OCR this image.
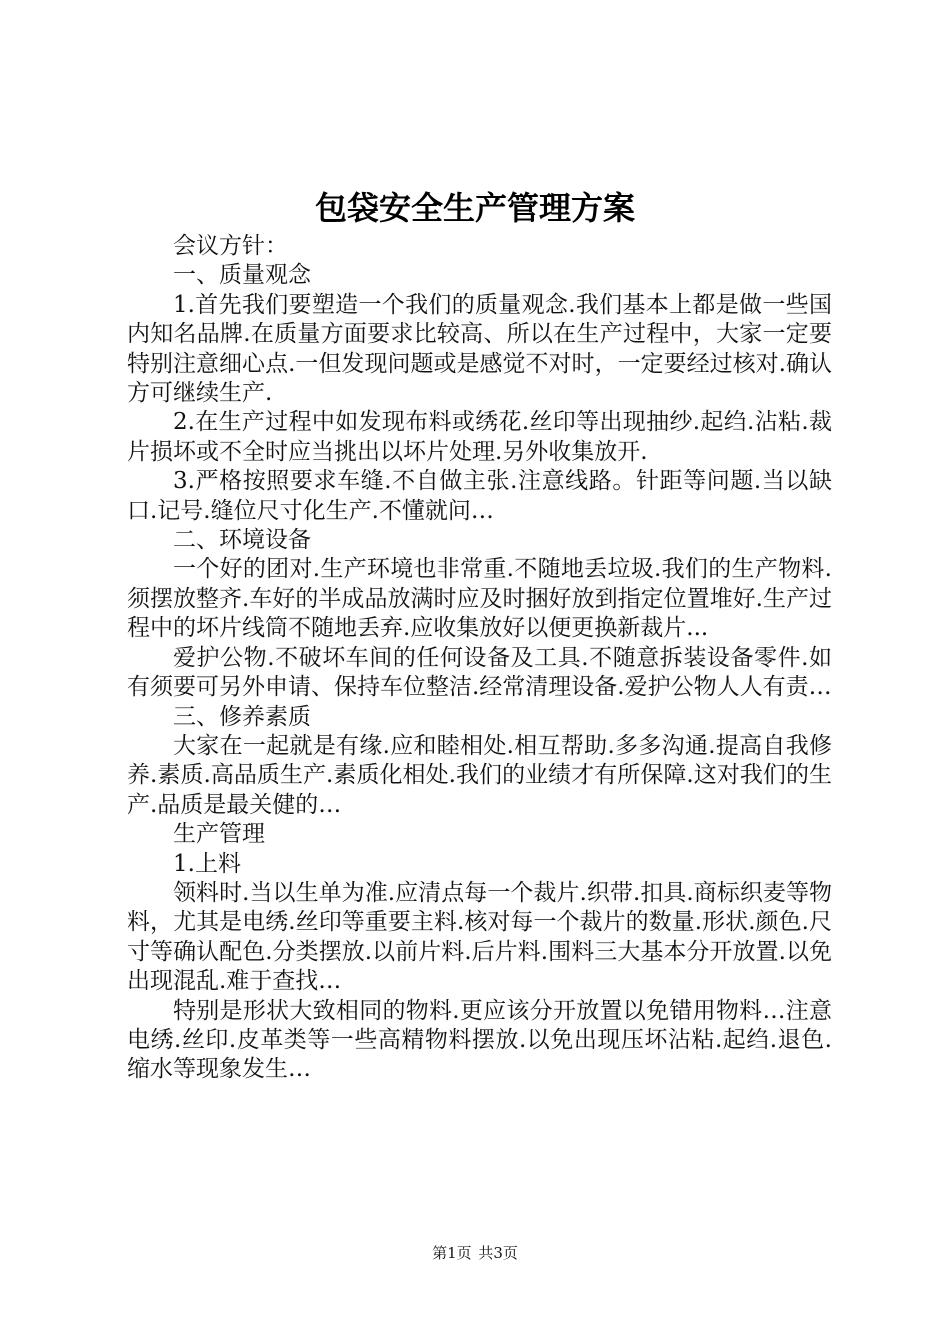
包袋安全生产管理方案

会议方针：

一、质量观念

1.首先我们要塑造一个我们的质量观念.我们基本上都是做一些国内知名品牌.在质量方面要求比较高、所以在生产过程中，大家一定要特别注意细心点.一但发现问题或是感觉不对时，一定要经过核对.确认方可继续生产.

2.在生产过程中如发现布料或绣花.丝印等出现抽纱.起绉.沾粘.裁片损坏或不全时应当挑出以坏片处理.另外收集放开.

3.严格按照要求车缝.不自做主张.注意线路。针距等问题.当以缺口.记号.缝位尺寸化生产.不懂就问…

二、环境设备

一个好的团对.生产环境也非常重.不随地丢垃圾.我们的生产物料.须摆放整齐.车好的半成品放满时应及时捆好放到指定位置堆好.生产过程中的坏片线筒不随地丢弃.应收集放好以便更换新裁片...

爱护公物.不破坏车间的任何设备及工具.不随意拆装设备零件.如有须要可另外申请、保持车位整洁.经常清理设备.爱护公物人人有责…

三、修养素质

大家在一起就是有缘.应和睦相处.相互帮助.多多沟通.提高自我修养.素质.高品质生产.素质化相处.我们的业绩才有所保障.这对我们的生产.品质是最关健的…

生产管理

1.上料

领料时.当以生单为准.应清点每一个裁片.织带.扣具.商标织麦等物料，尤其是电绣.丝印等重要主料.核对每一个裁片的数量.形状.颜色.尺寸等确认配色.分类摆放.以前片料.后片料.围料三大基本分开放置.以免出现混乱.难于查找…

特别是形状大致相同的物料.更应该分开放置以免错用物料…注意电绣.丝印.皮革类等一些高精物料摆放.以免出现压坏沾粘.起绉.退色.缩水等现象发生…

第1页 共3页
